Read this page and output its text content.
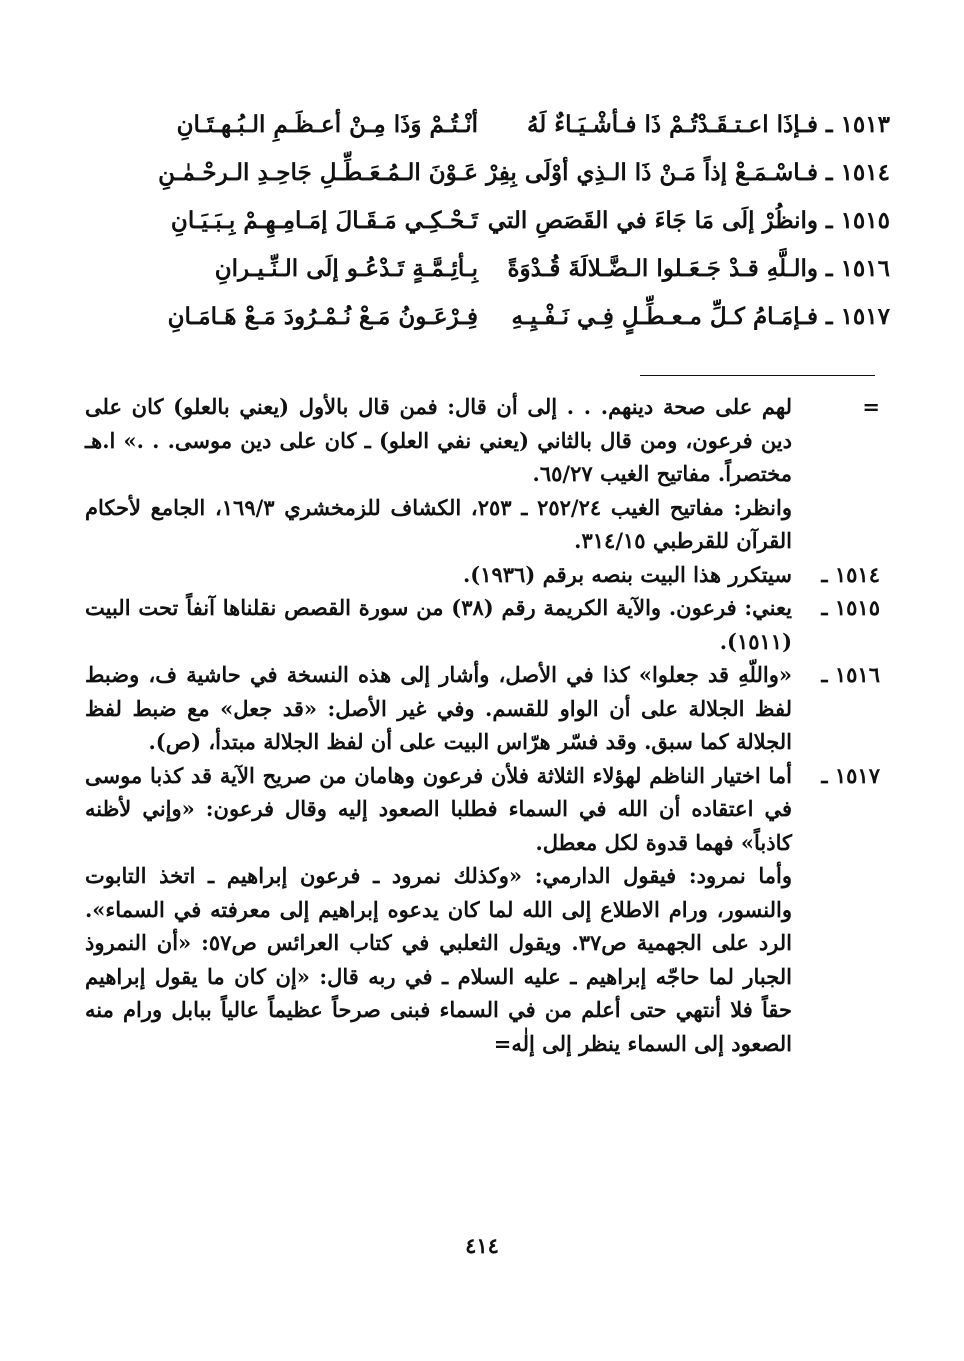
١٥١٣ ـ
فـإذَا اعـتـقَـدْتُـمْ ذَا فـأشْـيَـاءٌ لَهُ
أنْـتُـمْ وَذَا مِـنْ أعـظَـمِ الـبُـهـتَـانِ
١٥١٤ ـ
فـاسْـمَـعْ إذاً مَـنْ ذَا الـذِي أوْلَى بِفِرْ
عَـوْنَ الـمُـعَـطِّـلِ جَاحِـدِ الـرحْـمٰـنِ
١٥١٥ ـ
وانظُرْ إلَى مَا جَاءَ في القَصَصِ التي
تَـحْـكِـي مَـقَـالَ إمَـامِـهِـمْ بِـبَـيَـانِ
١٥١٦ ـ
والـلَّهِ قـدْ جَـعَـلوا الـضَّـلالَةَ قُـدْوَةً
بِـأئِـمَّـةٍ تَـدْعُـو إلَى الـنِّـيـرانِ
١٥١٧ ـ
فـإمَـامُ كـلِّ مـعـطِّـلٍ فِـي نَـفْـيِـهِ
فِـرْعَـونُ مَـعْ نُـمْـرُودَ مَـعْ هَـامَـانِ
=

لهم على صحة دينهم. . . إلى أن قال: فمن قال بالأول (يعني بالعلو) كان على دين فرعون، ومن قال بالثاني (يعني نفي العلو) ـ كان على دين موسى. . .» ا.هـ مختصراً. مفاتيح الغيب ٦٥/٢٧.

وانظر: مفاتيح الغيب ٢٥٢/٢٤ ـ ٢٥٣، الكشاف للزمخشري ١٦٩/٣، الجامع لأحكام القرآن للقرطبي ٣١٤/١٥.

١٥١٤ ـ

سيتكرر هذا البيت بنصه برقم (١٩٣٦).

١٥١٥ ـ

يعني: فرعون. والآية الكريمة رقم (٣٨) من سورة القصص نقلناها آنفاً تحت البيت (١٥١١).

١٥١٦ ـ

«واللّهِ قد جعلوا» كذا في الأصل، وأشار إلى هذه النسخة في حاشية ف، وضبط لفظ الجلالة على أن الواو للقسم. وفي غير الأصل: «قد جعل» مع ضبط لفظ الجلالة كما سبق. وقد فسّر هرّاس البيت على أن لفظ الجلالة مبتدأ، (ص).

١٥١٧ ـ

أما اختيار الناظم لهؤلاء الثلاثة فلأن فرعون وهامان من صريح الآية قد كذبا موسى في اعتقاده أن الله في السماء فطلبا الصعود إليه وقال فرعون: «وإني لأظنه كاذباً» فهما قدوة لكل معطل.

وأما نمرود: فيقول الدارمي: «وكذلك نمرود ـ فرعون إبراهيم ـ اتخذ التابوت والنسور، ورام الاطلاع إلى الله لما كان يدعوه إبراهيم إلى معرفته في السماء». الرد على الجهمية ص٣٧. ويقول الثعلبي في كتاب العرائس ص٥٧: «أن النمروذ الجبار لما حاجّه إبراهيم ـ عليه السلام ـ في ربه قال: «إن كان ما يقول إبراهيم حقاً فلا أنتهي حتى أعلم من في السماء فبنى صرحاً عظيماً عالياً ببابل ورام منه الصعود إلى السماء ينظر إلى إلٰه=

٤١٤
